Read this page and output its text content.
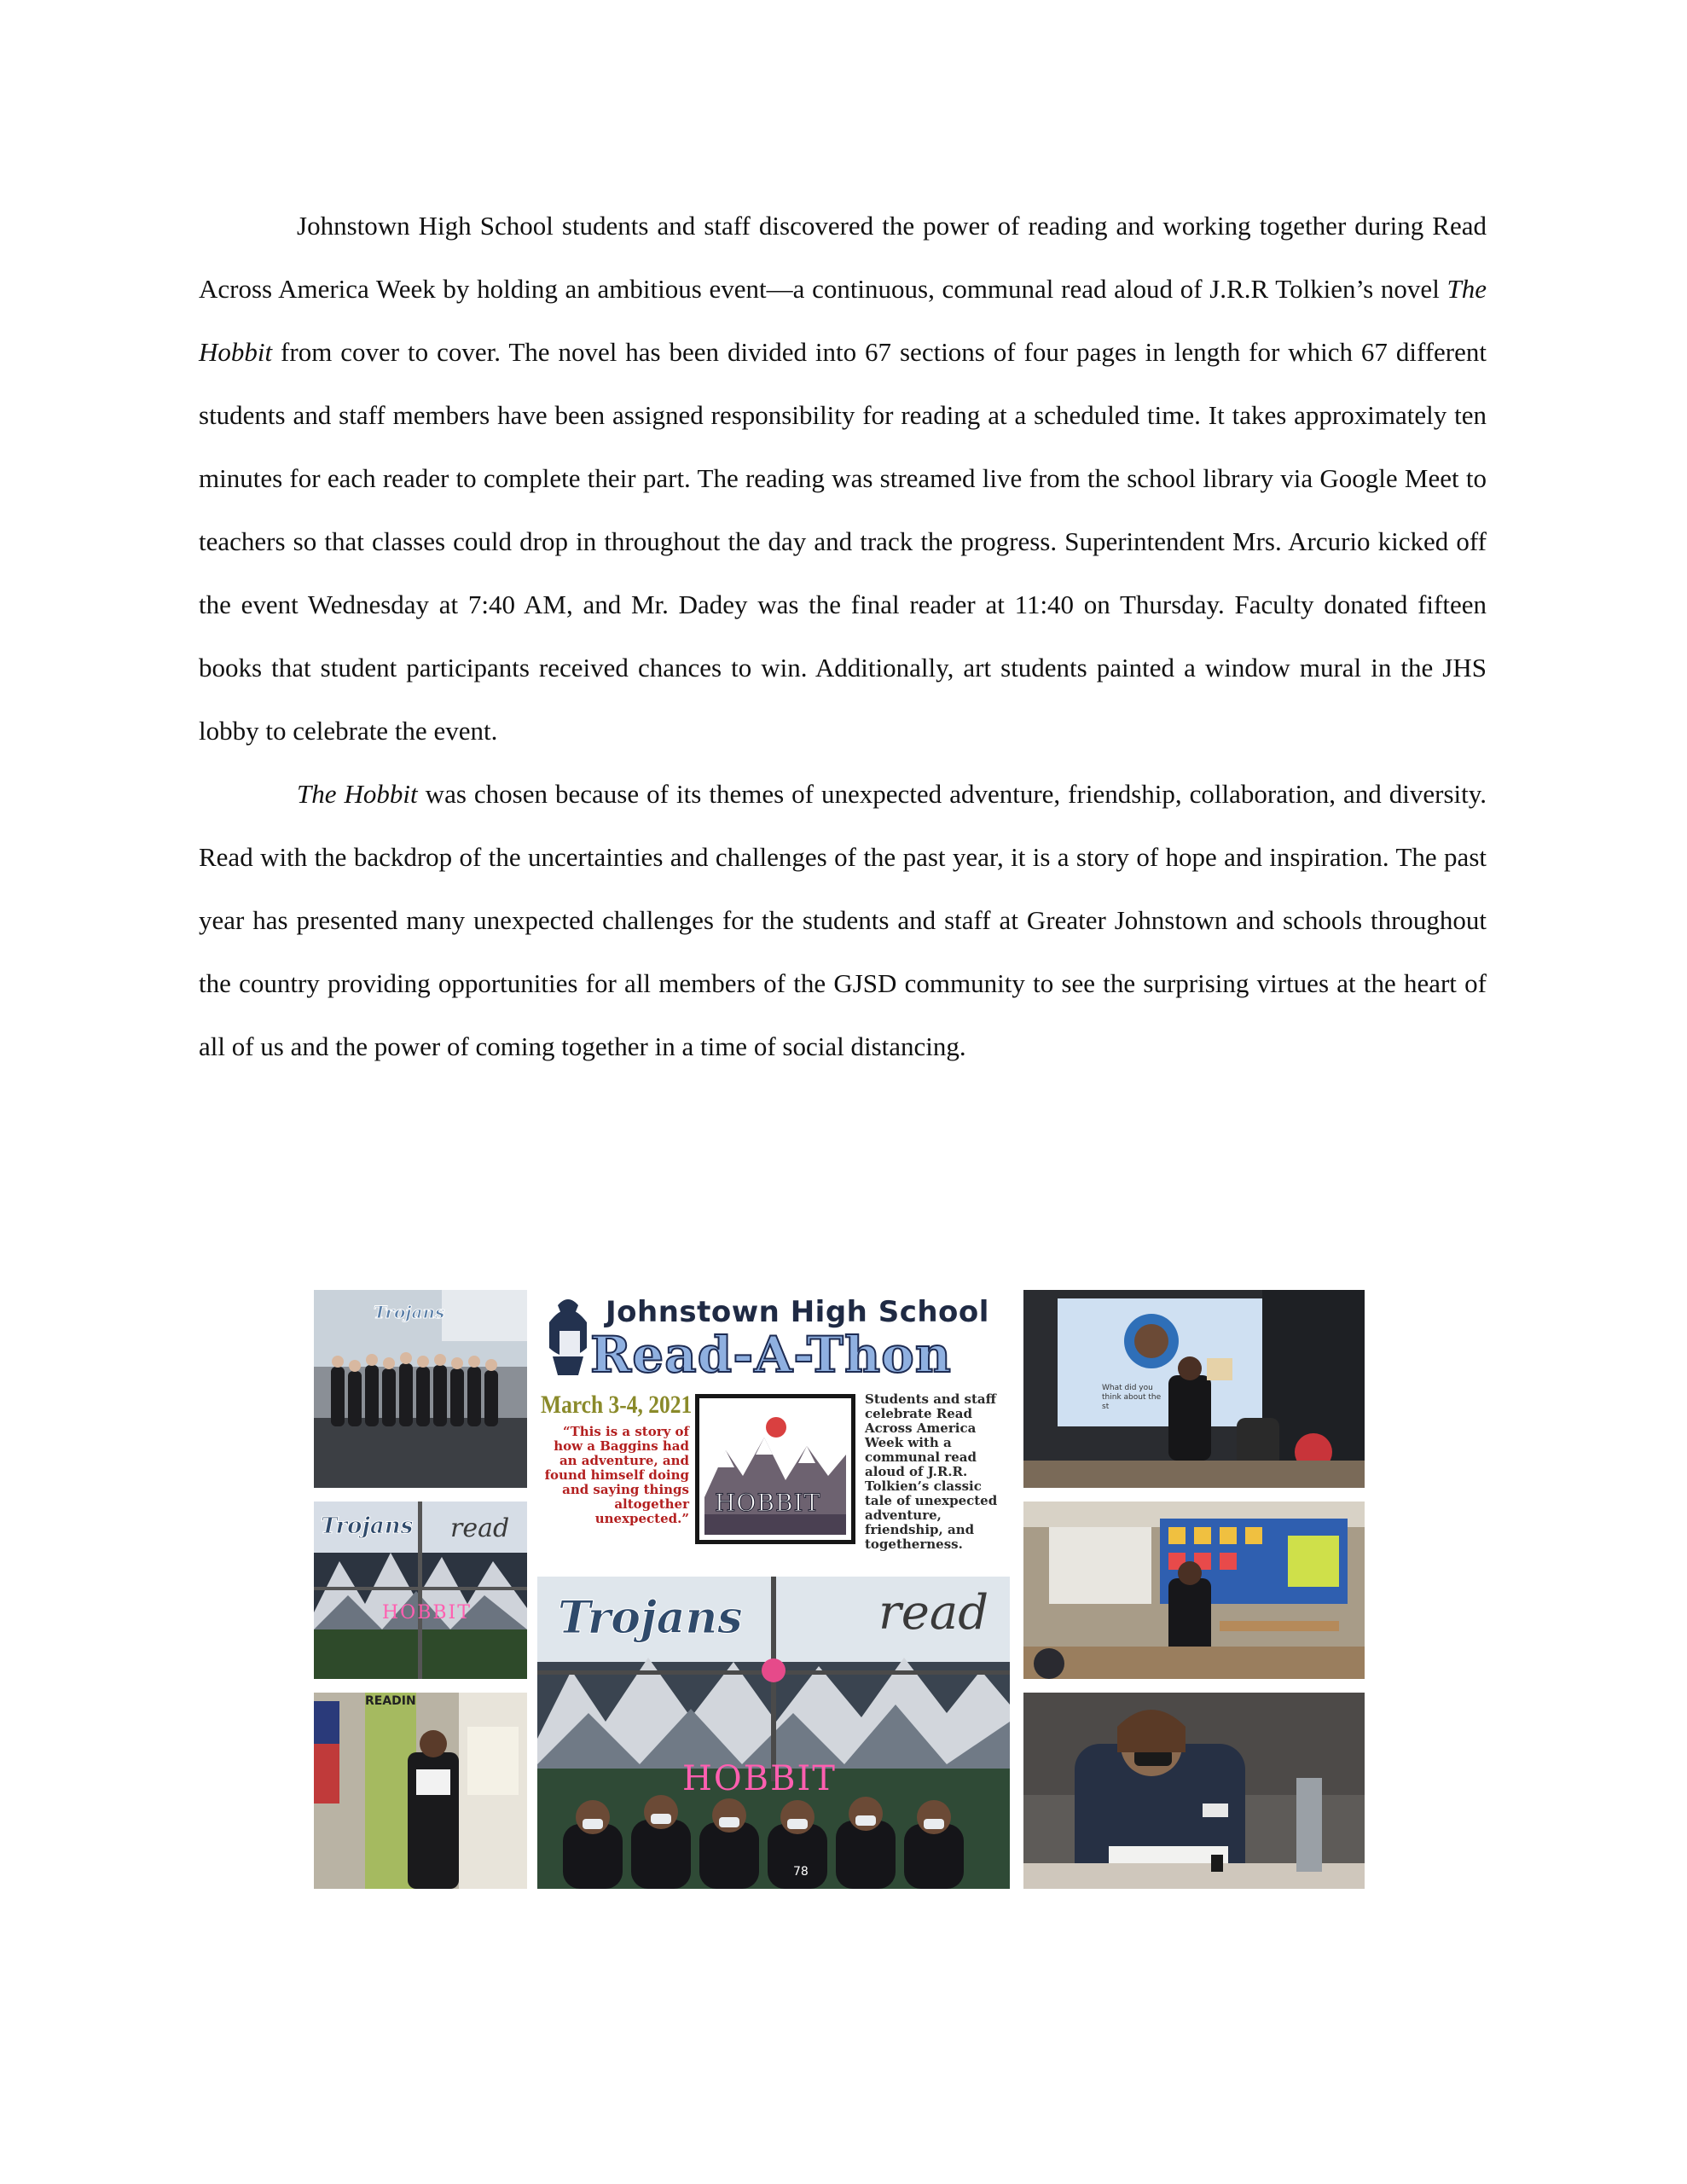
Johnstown High School students and staff discovered the power of reading and working together during Read Across America Week by holding an ambitious event—a continuous, communal read aloud of J.R.R Tolkien’s novel The Hobbit from cover to cover. The novel has been divided into 67 sections of four pages in length for which 67 different students and staff members have been assigned responsibility for reading at a scheduled time. It takes approximately ten minutes for each reader to complete their part. The reading was streamed live from the school library via Google Meet to teachers so that classes could drop in throughout the day and track the progress. Superintendent Mrs. Arcurio kicked off the event Wednesday at 7:40 AM, and Mr. Dadey was the final reader at 11:40 on Thursday. Faculty donated fifteen books that student participants received chances to win. Additionally, art students painted a window mural in the JHS lobby to celebrate the event.

The Hobbit was chosen because of its themes of unexpected adventure, friendship, collaboration, and diversity. Read with the backdrop of the uncertainties and challenges of the past year, it is a story of hope and inspiration. The past year has presented many unexpected challenges for the students and staff at Greater Johnstown and schools throughout the country providing opportunities for all members of the GJSD community to see the surprising virtues at the heart of all of us and the power of coming together in a time of social distancing.

Trojans
Trojans read
HOBBIT
READIN
Johnstown High School
Read-A-Thon
March 3-4, 2021
“This is a story of how a Baggins had an adventure, and found himself doing and saying things altogether unexpected.”
HOBBIT
Students and staff celebrate Read Across America Week with a communal read aloud of J.R.R. Tolkien’s classic tale of unexpected adventure, friendship, and togetherness.
Trojans	read
HOBBIT
78
What did you think about the st
